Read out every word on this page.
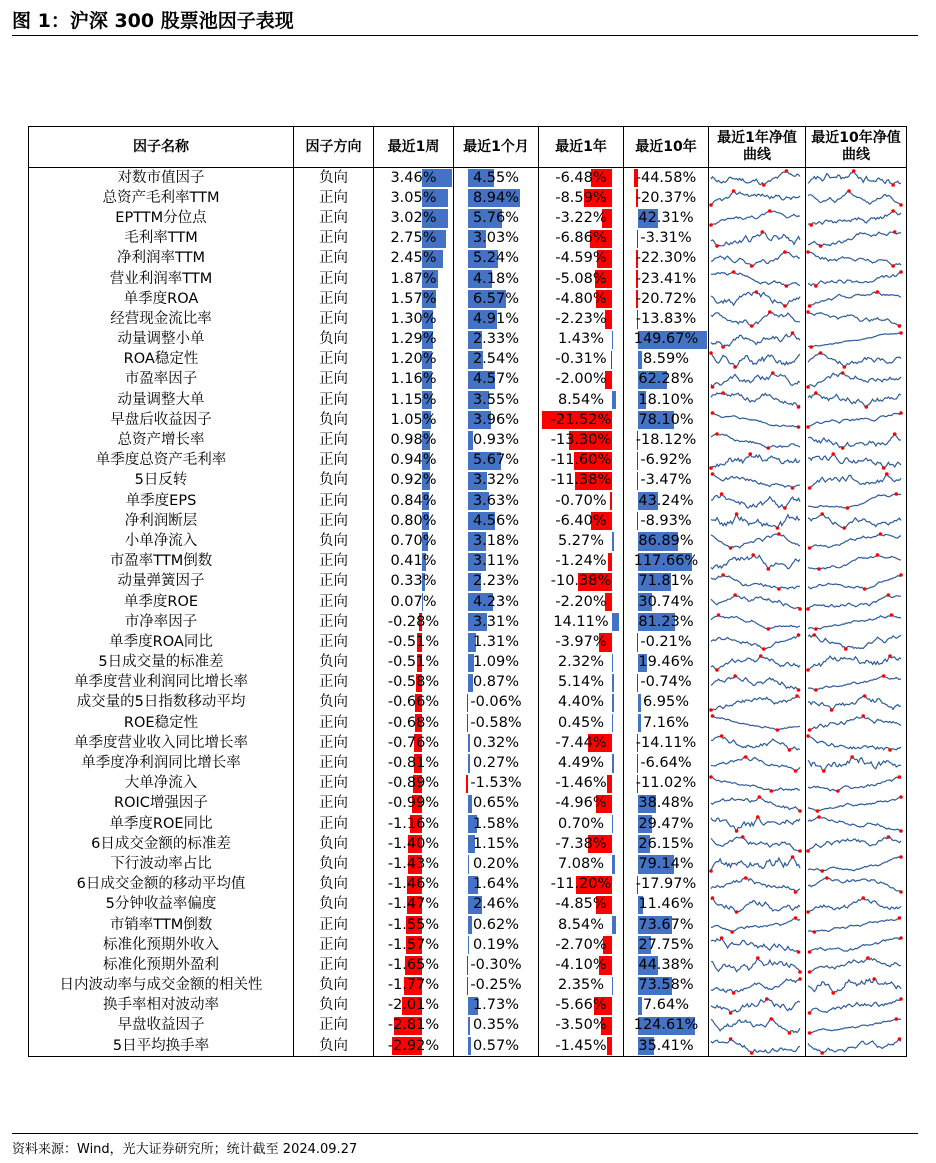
图 1：沪深 300 股票池因子表现
因子名称	因子方向	最近1周	最近1个月	最近1年	最近10年	最近1年净值曲线	最近10年净值曲线
对数市值因子	负向	3.46%	4.55%	-6.48%	-44.58%	

总资产毛利率TTM	正向	3.05%	8.94%	-8.59%	-20.37%	

EPTTM分位点	正向	3.02%	5.76%	-3.22%	42.31%	

毛利率TTM	正向	2.75%	3.03%	-6.86%	-3.31%	

净利润率TTM	正向	2.45%	5.24%	-4.59%	-22.30%	

营业利润率TTM	正向	1.87%	4.18%	-5.08%	-23.41%	

单季度ROA	正向	1.57%	6.57%	-4.80%	-20.72%	

经营现金流比率	正向	1.30%	4.91%	-2.23%	-13.83%	

动量调整小单	负向	1.29%	2.33%	1.43%	149.67%	

ROA稳定性	正向	1.20%	2.54%	-0.31%	8.59%	

市盈率因子	正向	1.16%	4.57%	-2.00%	62.28%	

动量调整大单	正向	1.15%	3.55%	8.54%	18.10%	

早盘后收益因子	负向	1.05%	3.96%	-21.52%	78.10%	

总资产增长率	正向	0.98%	0.93%	-13.30%	-18.12%	

单季度总资产毛利率	正向	0.94%	5.67%	-11.60%	-6.92%	

5日反转	负向	0.92%	3.32%	-11.38%	-3.47%	

单季度EPS	正向	0.84%	3.63%	-0.70%	43.24%	

净利润断层	正向	0.80%	4.56%	-6.40%	-8.93%	

小单净流入	负向	0.70%	3.18%	5.27%	86.89%	

市盈率TTM倒数	正向	0.41%	3.11%	-1.24%	117.66%	

动量弹簧因子	正向	0.33%	2.23%	-10.38%	71.81%	

单季度ROE	正向	0.07%	4.23%	-2.20%	30.74%	

市净率因子	正向	-0.28%	3.31%	14.11%	81.23%	

单季度ROA同比	正向	-0.51%	1.31%	-3.97%	-0.21%	

5日成交量的标准差	负向	-0.51%	1.09%	2.32%	19.46%	

单季度营业利润同比增长率	正向	-0.58%	0.87%	5.14%	-0.74%	

成交量的5日指数移动平均	负向	-0.66%	-0.06%	4.40%	6.95%	

ROE稳定性	正向	-0.68%	-0.58%	0.45%	7.16%	

单季度营业收入同比增长率	正向	-0.76%	0.32%	-7.44%	-14.11%	

单季度净利润同比增长率	正向	-0.81%	0.27%	4.49%	-6.64%	

大单净流入	正向	-0.89%	-1.53%	-1.46%	-11.02%	

ROIC增强因子	正向	-0.99%	0.65%	-4.96%	38.48%	

单季度ROE同比	正向	-1.16%	1.58%	0.70%	29.47%	

6日成交金额的标准差	负向	-1.40%	1.15%	-7.38%	26.15%	

下行波动率占比	负向	-1.43%	0.20%	7.08%	79.14%	

6日成交金额的移动平均值	负向	-1.46%	1.64%	-11.20%	-17.97%	

5分钟收益率偏度	负向	-1.47%	2.46%	-4.85%	11.46%	

市销率TTM倒数	正向	-1.55%	0.62%	8.54%	73.67%	

标准化预期外收入	正向	-1.57%	0.19%	-2.70%	27.75%	

标准化预期外盈利	正向	-1.65%	-0.30%	-4.10%	44.38%	

日内波动率与成交金额的相关性	负向	-1.77%	-0.25%	2.35%	73.58%	

换手率相对波动率	负向	-2.01%	1.73%	-5.66%	7.64%	

早盘收益因子	正向	-2.81%	0.35%	-3.50%	124.61%	

5日平均换手率	负向	-2.92%	0.57%	-1.45%	35.41%	

资料来源：Wind，光大证券研究所；统计截至 2024.09.27
